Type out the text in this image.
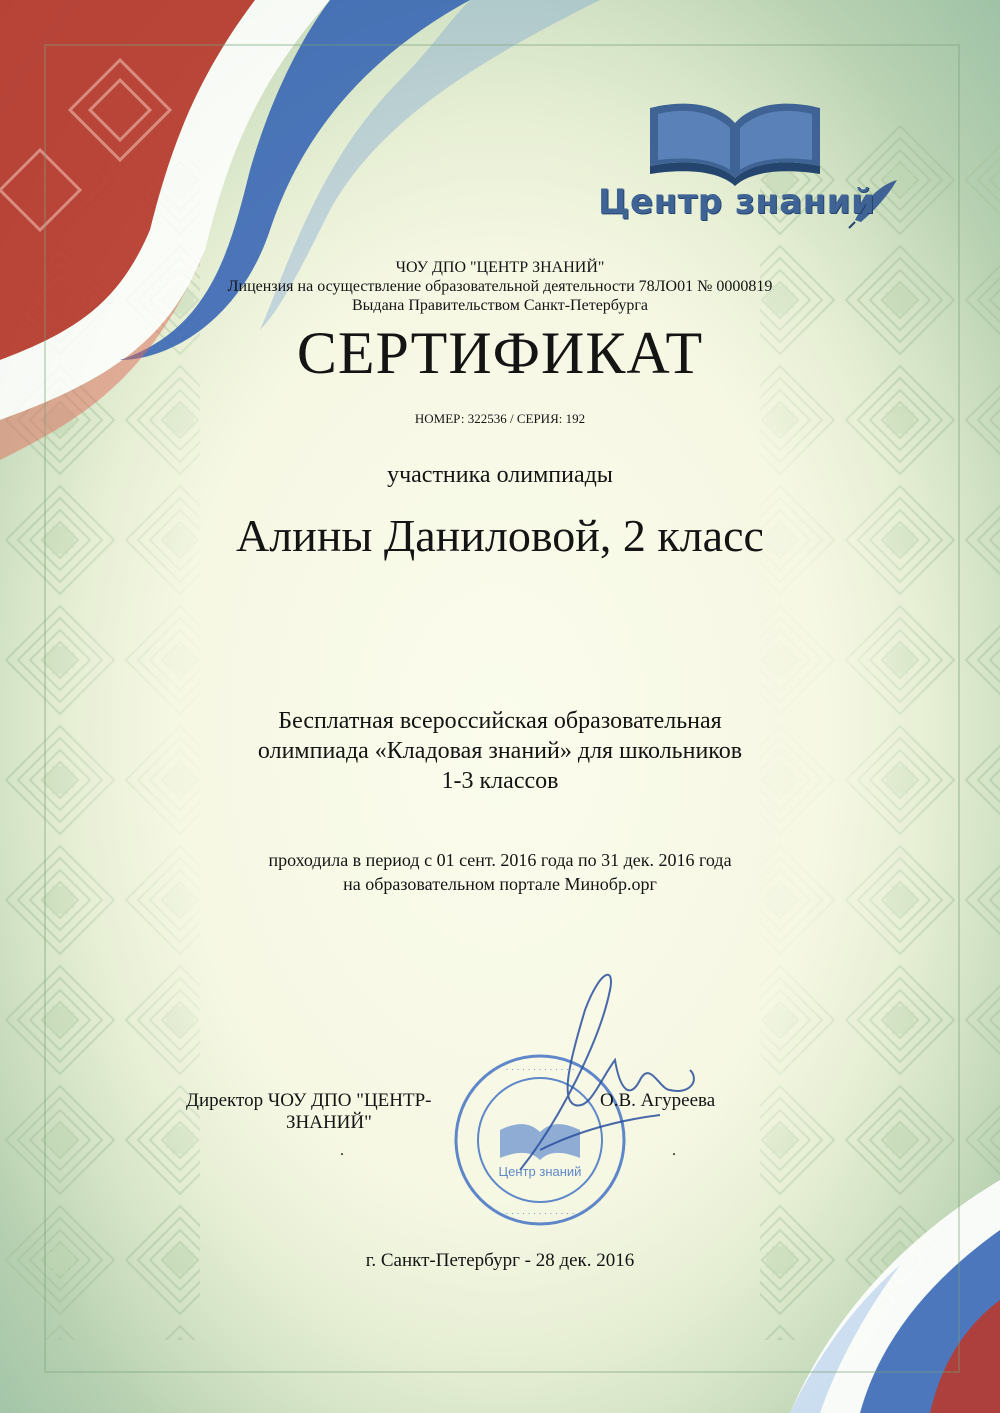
· · · · · · · · · · · · ·
· · · · · · · · · · · · ·
Центр знаний
Центр знаний
ЧОУ ДПО "ЦЕНТР ЗНАНИЙ"
Лицензия на осуществление образовательной деятельности 78ЛО01 № 0000819
Выдана Правительством Санкт-Петербурга
СЕРТИФИКАТ
НОМЕР: 322536 / СЕРИЯ: 192
участника олимпиады
Алины Даниловой, 2 класс
Бесплатная всероссийская образовательная
олимпиада «Кладовая знаний» для школьников
1-3 классов
проходила в период с 01 сент. 2016 года по 31 дек. 2016 года
на образовательном портале Минобр.орг
Директор ЧОУ ДПО "ЦЕНТР-
ЗНАНИЙ"
О.В. Агуреева
.	.
г. Санкт-Петербург - 28 дек. 2016
